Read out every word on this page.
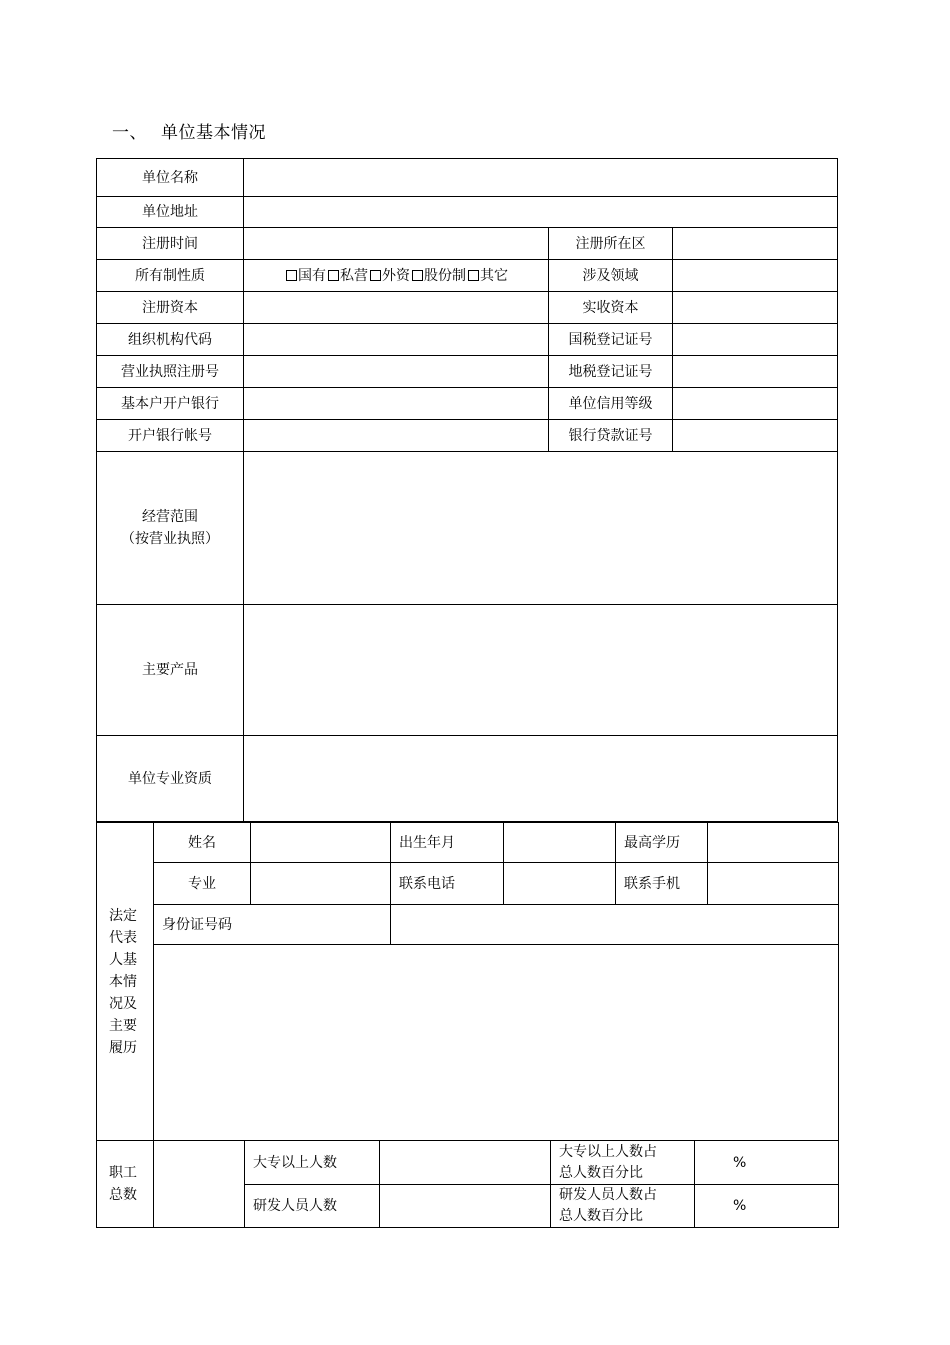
一、 单位基本情况
单位名称			
单位地址			
注册时间		注册所在区	
所有制性质	国有 私营 外资 股份制 其它	涉及领域	
注册资本		实收资本	
组织机构代码		国税登记证号	
营业执照注册号		地税登记证号	
基本户开户银行		单位信用等级	
开户银行帐号		银行贷款证号	

经营范围
（按营业执照）			

主要产品			
单位专业资质			
法定代表人基本情况及主要履历	姓名		出生年月		最高学历	
	专业		联系电话		联系手机	
	身份证号码					

职工总数		大专以上人数		大专以上人数占总人数百分比	%
		研发人员人数		研发人员人数占总人数百分比	%
